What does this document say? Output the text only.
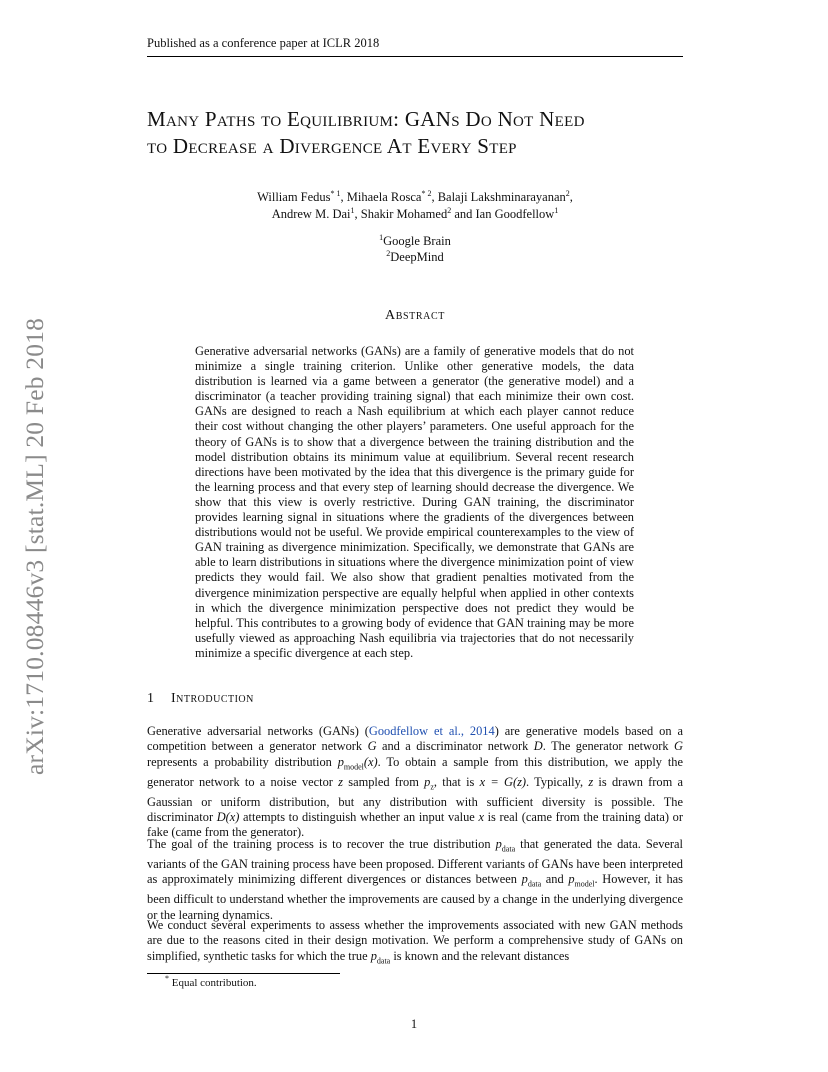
Published as a conference paper at ICLR 2018
arXiv:1710.08446v3 [stat.ML] 20 Feb 2018
Many Paths to Equilibrium: GANs Do Not Need
to Decrease a Divergence At Every Step
William Fedus$^{* 1}$, Mihaela Rosca$^{* 2}$, Balaji Lakshminarayanan$^2$,
Andrew M. Dai$^1$, Shakir Mohamed$^2$ and Ian Goodfellow$^1$
$^1$Google Brain
$^2$DeepMind
Abstract
Generative adversarial networks (GANs) are a family of generative models that do not minimize a single training criterion. Unlike other generative models, the data distribution is learned via a game between a generator (the generative model) and a discriminator (a teacher providing training signal) that each minimize their own cost. GANs are designed to reach a Nash equilibrium at which each player cannot reduce their cost without changing the other players’ parameters. One useful approach for the theory of GANs is to show that a divergence between the training distribution and the model distribution obtains its minimum value at equilibrium. Several recent research directions have been motivated by the idea that this divergence is the primary guide for the learning process and that every step of learning should decrease the divergence. We show that this view is overly restrictive. During GAN training, the discriminator provides learning signal in situations where the gradients of the divergences between distributions would not be useful. We provide empirical counterexamples to the view of GAN training as divergence minimization. Specifically, we demonstrate that GANs are able to learn distributions in situations where the divergence minimization point of view predicts they would fail. We also show that gradient penalties motivated from the divergence minimization perspective are equally helpful when applied in other contexts in which the divergence minimization perspective does not predict they would be helpful. This contributes to a growing body of evidence that GAN training may be more usefully viewed as approaching Nash equilibria via trajectories that do not necessarily minimize a specific divergence at each step.
1 Introduction
Generative adversarial networks (GANs) (Goodfellow et al., 2014) are generative models based on a competition between a generator network G and a discriminator network D. The generator network G represents a probability distribution $p_{model}(x)$. To obtain a sample from this distribution, we apply the generator network to a noise vector z sampled from $p_z$, that is x = G(z). Typically, z is drawn from a Gaussian or uniform distribution, but any distribution with sufficient diversity is possible. The discriminator D(x) attempts to distinguish whether an input value x is real (came from the training data) or fake (came from the generator).
The goal of the training process is to recover the true distribution $p_{data}$ that generated the data. Several variants of the GAN training process have been proposed. Different variants of GANs have been interpreted as approximately minimizing different divergences or distances between $p_{data}$ and $p_{model}$. However, it has been difficult to understand whether the improvements are caused by a change in the underlying divergence or the learning dynamics.
We conduct several experiments to assess whether the improvements associated with new GAN methods are due to the reasons cited in their design motivation. We perform a comprehensive study of GANs on simplified, synthetic tasks for which the true $p_{data}$ is known and the relevant distances
* Equal contribution.
1
